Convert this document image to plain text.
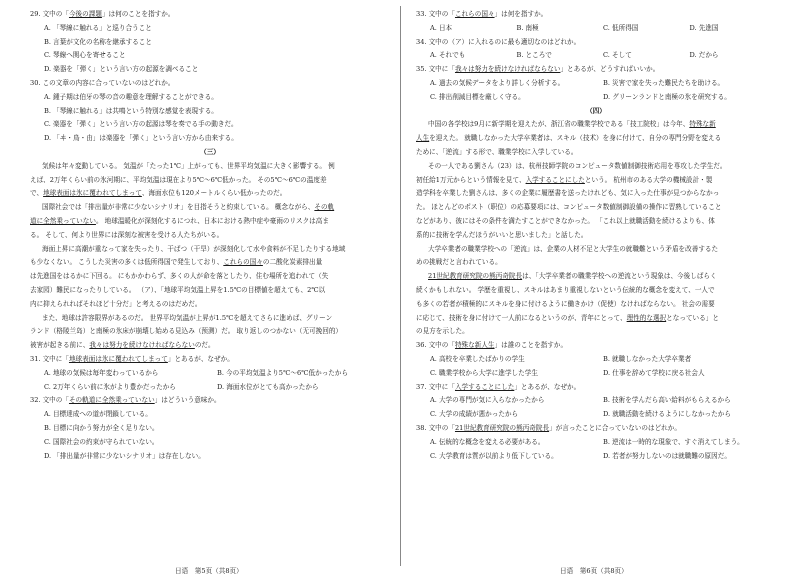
29. 文中の「今後の課題」は何のことを指すか。
A. 「琴線に触れる」と巡り合うこと
B. 言葉が文化の名称を継承すること
C. 琴線へ関心を寄せること
D. 楽器を「弾く」という言い方の起源を調べること
30. この文章の内容に合っていないのはどれか。
A. 鍾子期は伯牙の琴の音の趣意を理解することができる。
B. 「琴線に触れる」は共鳴という特別な感覚を表現する。
C. 楽器を「弾く」という言い方の起源は琴を奏でる手の動きだ。
D. 「ヰ・鳥・由」は楽器を「弾く」という言い方から由来する。
（三）
気候は年々変動している。 気温が「たった1℃」上がっても、世界平均気温に大きく影響する。 例
えば、2万年くらい前の氷河期に、平均気温は現在より5℃～6℃低かった。 その5℃～6℃の温度差
で、地球表面は氷に覆われてしまって、海面水位も120メートルくらい低かったのだ。
国際社会では「排出量が非常に少ないシナリオ」を目指そうと約束している。 概念ながら、その軌
道に全然乗っていない。 地球温暖化が深刻化するにつれ、日本における熱中症や豪雨のリスクは高ま
る。 そして、何より世界には深刻な被害を受ける人たちがいる。
海面上昇に高潮が重なって家を失ったり、干ばつ（干旱）が深刻化して水や食料が不足したりする地域
も少なくない。 こうした災害の多くは低所得国で発生しており、これらの国々の二酸化炭素排出量
は先進国をはるかに下回る。 にもかかわらず、多くの人が命を落としたり、住む場所を追われて（失
去家园）難民になったりしている。 （ア）、「地球平均気温上昇を1.5℃の目標値を超えても、2℃以
内に抑えられればそれほど十分だ」と考えるのはだめだ。
また、地球は許容限界があるのだ。 世界平均気温が上昇が1.5℃を超えてさらに進めば、グリーン
ランド（格陵兰岛）と南極の氷床が崩壊し始める見込み（预测）だ。 取り返しのつかない（无可挽回的）
被害が起きる前に、我々は努力を続けなければならないのだ。
31. 文中に「地球表面は氷に覆われてしまって」とあるが、なぜか。
A. 地球の気候は毎年変わっているから	B. 今の平均気温より5℃～6℃低かったから
C. 2万年くらい前に氷がより豊かだったから	D. 海面水位がとても高かったから
32. 文中の「その軌道に全然乗っていない」はどういう意味か。
A. 目標達成への道が閉鎖している。
B. 目標に向かう努力が全く足りない。
C. 国際社会の約束が守られていない。
D. 「排出量が非常に少ないシナリオ」は存在しない。
33. 文中の「これらの国々」は何を指すか。
A. 日本	B. 南極	C. 低所得国	D. 先進国
34. 文中の（ア）に入れるのに最も適切なのはどれか。
A. それでも	B. ところで	C. そして	D. だから
35. 文中に「我々は努力を続けなければならない」とあるが、どうすればいいか。
A. 過去の気候データをより詳しく分析する。	B. 災害で家を失った難民たちを助ける。
C. 排出削減目標を厳しく守る。	D. グリーンランドと南極の氷を研究する。
（四）
中国の各学校は9月に新学期を迎えたが、浙江省の職業学校である「技工院校」は今年、特殊な新
人生を迎えた。 就職しなかった大学卒業者は、スキル（技术）を身に付けて、自分の専門分野を変える
ために、「逆流」する形で、職業学校に入学している。
その一人である劉さん（23）は、杭州技師学院のコンピュータ数値制御技術応用を専攻した学生だ。
初任給1万元からという情報を見て、入学することにしたという。 杭州市のある大学の機械設計・製
造学科を卒業した劉さんは、多くの企業に履歴書を送ったけれども、気に入った仕事が見つからなかっ
た。 ほとんどのポスト（职位）の応募要項には、コンピュータ数値制御設備の操作に習熟していること
などがあり、彼にはその条件を満たすことができなかった。 「これ以上就職活動を続けるよりも、体
系的に技術を学んだほうがいいと思いました」と話した。
大学卒業者の職業学校への「逆流」は、企業の人材不足と大学生の就職難という矛盾を改善するた
めの挑戦だと言われている。
21世紀教育研究院の熊丙奇院長は、「大学卒業者の職業学校への逆流という現象は、今後しばらく
続くかもしれない。 学歴を重視し、スキルはあまり重視しないという伝統的な概念を変えて、一人で
も多くの若者が積極的にスキルを身に付けるように働きかけ（促使）なければならない。 社会の需要
に応じて、技術を身に付けて一人前になるというのが、青年にとって、理性的な選択となっている」と
の見方を示した。
36. 文中の「特殊な新人生」は誰のことを指すか。
A. 高校を卒業したばかりの学生	B. 就職しなかった大学卒業者
C. 職業学校から大学に進学した学生	D. 仕事を辞めて学校に戻る社会人
37. 文中に「入学することにした」とあるが、なぜか。
A. 大学の専門が気に入らなかったから	B. 技術を学んだら高い給料がもらえるから
C. 大学の成績が悪かったから	D. 就職活動を続けるようにしなかったから
38. 文中の「21世紀教育研究院の熊丙奇院長」が言ったことに合っていないのはどれか。
A. 伝統的な概念を変える必要がある。	B. 逆流は一時的な現象で、すぐ消えてしまう。
C. 大学教育は質が以前より低下している。	D. 若者が努力しないのは就職難の原因だ。
日语　第5页（共8页）	日语　第6页（共8页）
